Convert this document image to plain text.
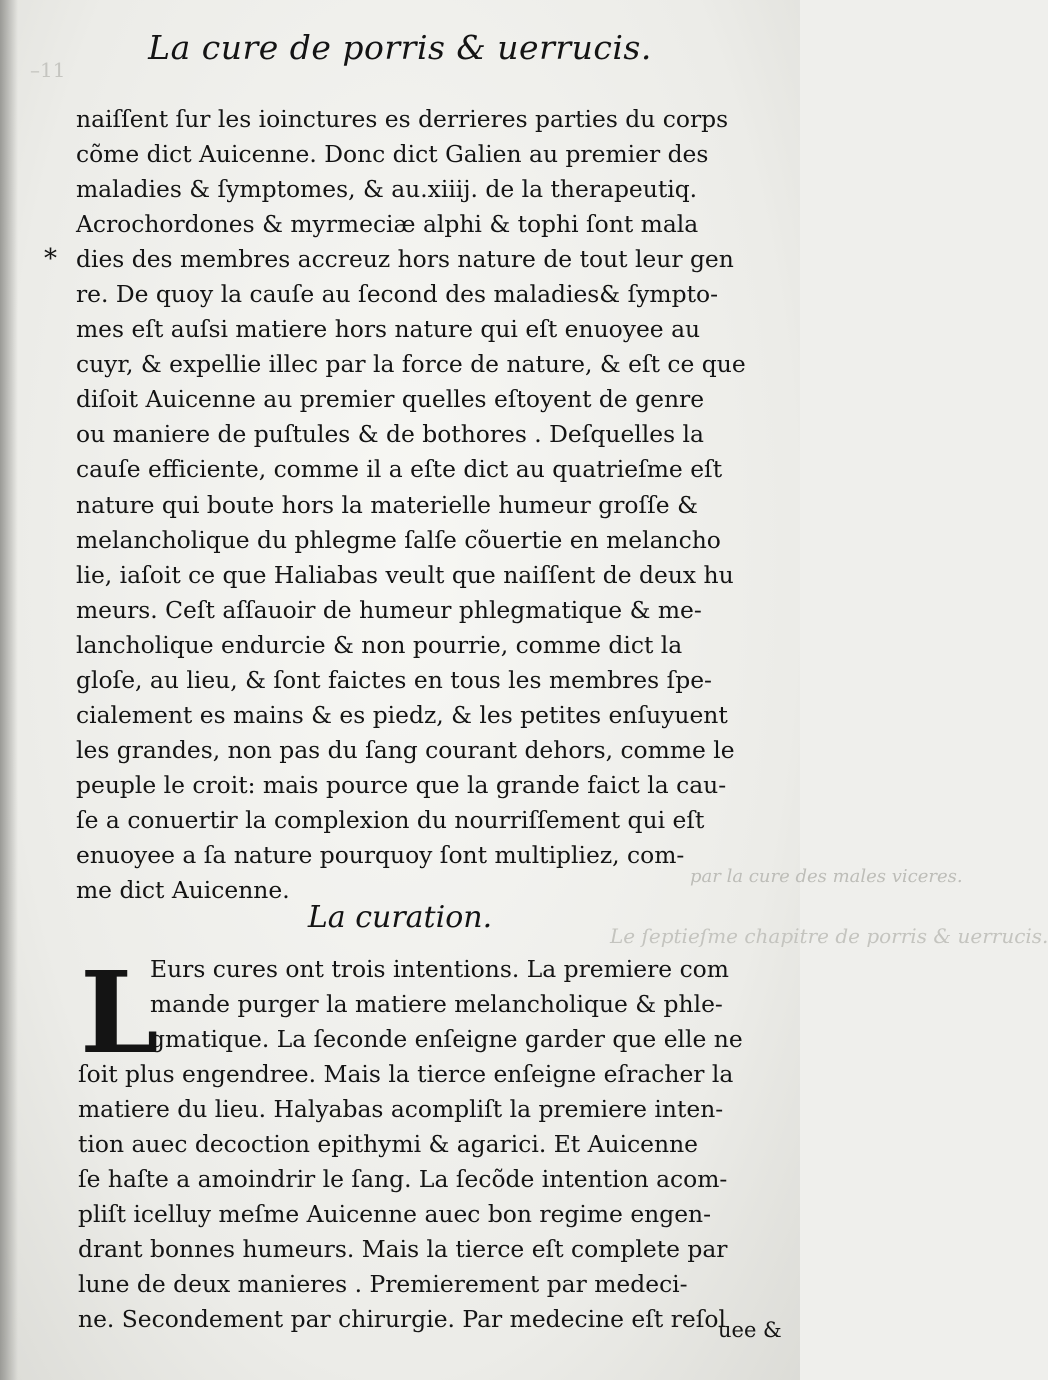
–11
La cure de porris & uerrucis.
*
naiſſent ſur les ioinctures es derrieres parties du corps
cõme dict Auicenne. Donc dict Galien au premier des
maladies & ſymptomes, & au.xiiij. de la therapeutiq.
Acrochordones & myrmeciæ alphi & tophi ſont mala
dies des membres accreuz hors nature de tout leur gen
re. De quoy la cauſe au ſecond des maladies& ſympto-
mes eſt auſsi matiere hors nature qui eſt enuoyee au
cuyr, & expellie illec par la force de nature, & eſt ce que
diſoit Auicenne au premier quelles eſtoyent de genre
ou maniere de puſtules & de bothores . Deſquelles la
cauſe efficiente, comme il a eſte dict au quatrieſme eſt
nature qui boute hors la materielle humeur groſſe &
melancholique du phlegme ſalſe cõuertie en melancho
lie, iaſoit ce que Haliabas veult que naiſſent de deux hu
meurs. Ceſt aſſauoir de humeur phlegmatique & me-
lancholique endurcie & non pourrie, comme dict la
gloſe, au lieu, & ſont faictes en tous les membres ſpe-
cialement es mains & es piedz, & les petites enſuyuent
les grandes, non pas du ſang courant dehors, comme le
peuple le croit: mais pource que la grande faict la cau-
ſe a conuertir la complexion du nourriſſement qui eſt
enuoyee a ſa nature pourquoy ſont multipliez, com-
me dict Auicenne.	par la cure des males viceres.
Le ſeptieſme chapitre de porris & uerrucis.
La curation.
L
Eurs cures ont trois intentions. La premiere com
mande purger la matiere melancholique & phle-
gmatique. La ſeconde enſeigne garder que elle ne
ſoit plus engendree. Mais la tierce enſeigne eſracher la
matiere du lieu. Halyabas acompliſt la premiere inten-
tion auec decoction epithymi & agarici. Et Auicenne
ſe haſte a amoindrir le ſang. La ſecõde intention acom-
pliſt icelluy meſme Auicenne auec bon regime engen-
drant bonnes humeurs. Mais la tierce eſt complete par
lune de deux manieres . Premierement par medeci-
ne. Secondement par chirurgie. Par medecine eſt reſol
uee &
